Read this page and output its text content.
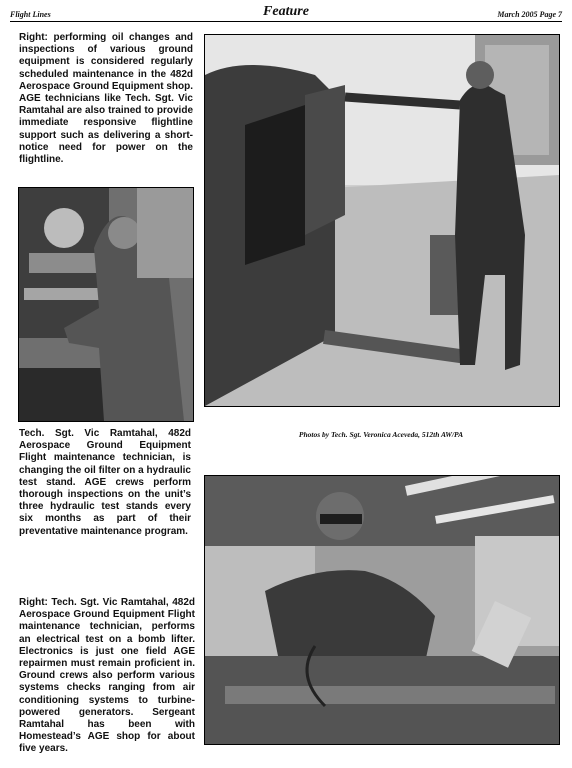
Flight Lines	Feature	March 2005 Page 7
Right: performing oil changes and inspections of various ground equipment is considered regularly scheduled maintenance in the 482d Aerospace Ground Equipment shop. AGE technicians like Tech. Sgt. Vic Ramtahal are also trained to provide immediate responsive flightline support such as delivering a short-notice need for power on the flightline.
Tech. Sgt. Vic Ramtahal, 482d Aerospace Ground Equipment Flight maintenance technician, is changing the oil filter on a hydraulic test stand. AGE crews perform thorough inspections on the unit’s three hydraulic test stands every six months as part of their preventative maintenance program.
Right: Tech. Sgt. Vic Ramtahal, 482d Aerospace Ground Equipment Flight maintenance technician, performs an electrical test on a bomb lifter. Electronics is just one field AGE repairmen must remain proficient in. Ground crews also perform various systems checks ranging from air conditioning systems to turbine-powered generators. Sergeant Ramtahal has been with Homestead’s AGE shop for about five years.
Photos by Tech. Sgt. Veronica Aceveda, 512th AW/PA
